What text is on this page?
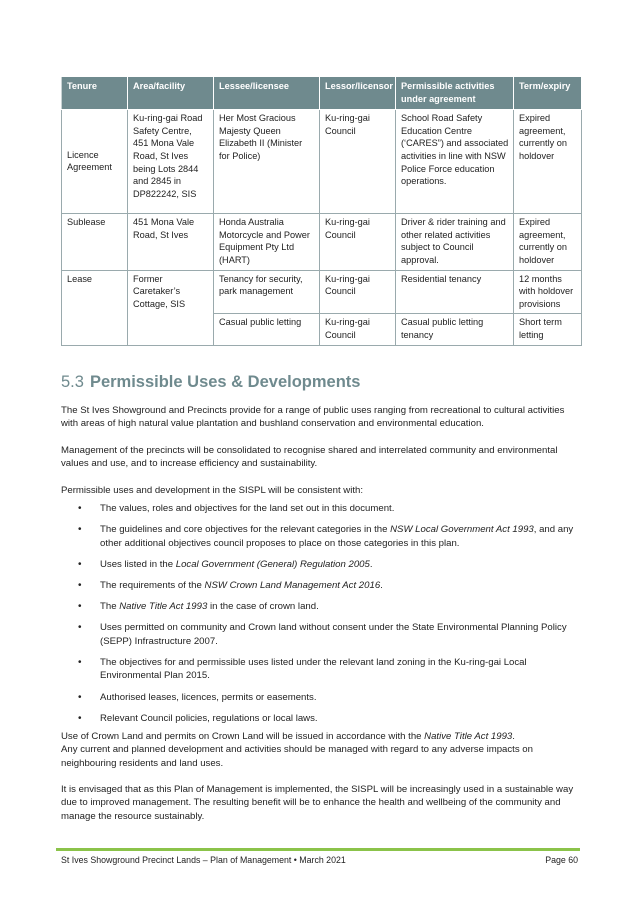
Tenure	Area/facility	Lessee/licensee	Lessor/licensor	Permissible activities under agreement	Term/expiry
Licence Agreement	Ku-ring-gai Road Safety Centre, 451 Mona Vale Road, St Ives being Lots 2844 and 2845 in DP822242, SIS	Her Most Gracious Majesty Queen Elizabeth II (Minister for Police)	Ku-ring-gai Council	School Road Safety Education Centre (‘CARES”) and associated activities in line with NSW Police Force education operations.	Expired agreement, currently on holdover
Sublease	451 Mona Vale Road, St Ives	Honda Australia Motorcycle and Power Equipment Pty Ltd (HART)	Ku-ring-gai Council	Driver & rider training and other related activities subject to Council approval.	Expired agreement, currently on holdover
Lease	Former Caretaker’s Cottage, SIS	Tenancy for security, park management	Ku-ring-gai Council	Residential tenancy	12 months with holdover provisions
		Casual public letting	Ku-ring-gai Council	Casual public letting tenancy	Short term letting
5.3 Permissible Uses & Developments

The St Ives Showground and Precincts provide for a range of public uses ranging from recreational to cultural activities with areas of high natural value plantation and bushland conservation and environmental education.

Management of the precincts will be consolidated to recognise shared and interrelated community and environmental values and use, and to increase efficiency and sustainability.

Permissible uses and development in the SISPL will be consistent with:

• The values, roles and objectives for the land set out in this document.
• The guidelines and core objectives for the relevant categories in the NSW Local Government Act 1993, and any other additional objectives council proposes to place on those categories in this plan.
• Uses listed in the Local Government (General) Regulation 2005.
• The requirements of the NSW Crown Land Management Act 2016.
• The Native Title Act 1993 in the case of crown land.
• Uses permitted on community and Crown land without consent under the State Environmental Planning Policy (SEPP) Infrastructure 2007.
• The objectives for and permissible uses listed under the relevant land zoning in the Ku-ring-gai Local Environmental Plan 2015.
• Authorised leases, licences, permits or easements.
• Relevant Council policies, regulations or local laws.

Use of Crown Land and permits on Crown Land will be issued in accordance with the Native Title Act 1993.
Any current and planned development and activities should be managed with regard to any adverse impacts on neighbouring residents and land uses.

It is envisaged that as this Plan of Management is implemented, the SISPL will be increasingly used in a sustainable way due to improved management. The resulting benefit will be to enhance the health and wellbeing of the community and manage the resource sustainably.

St Ives Showground Precinct Lands – Plan of Management • March 2021	Page 60
